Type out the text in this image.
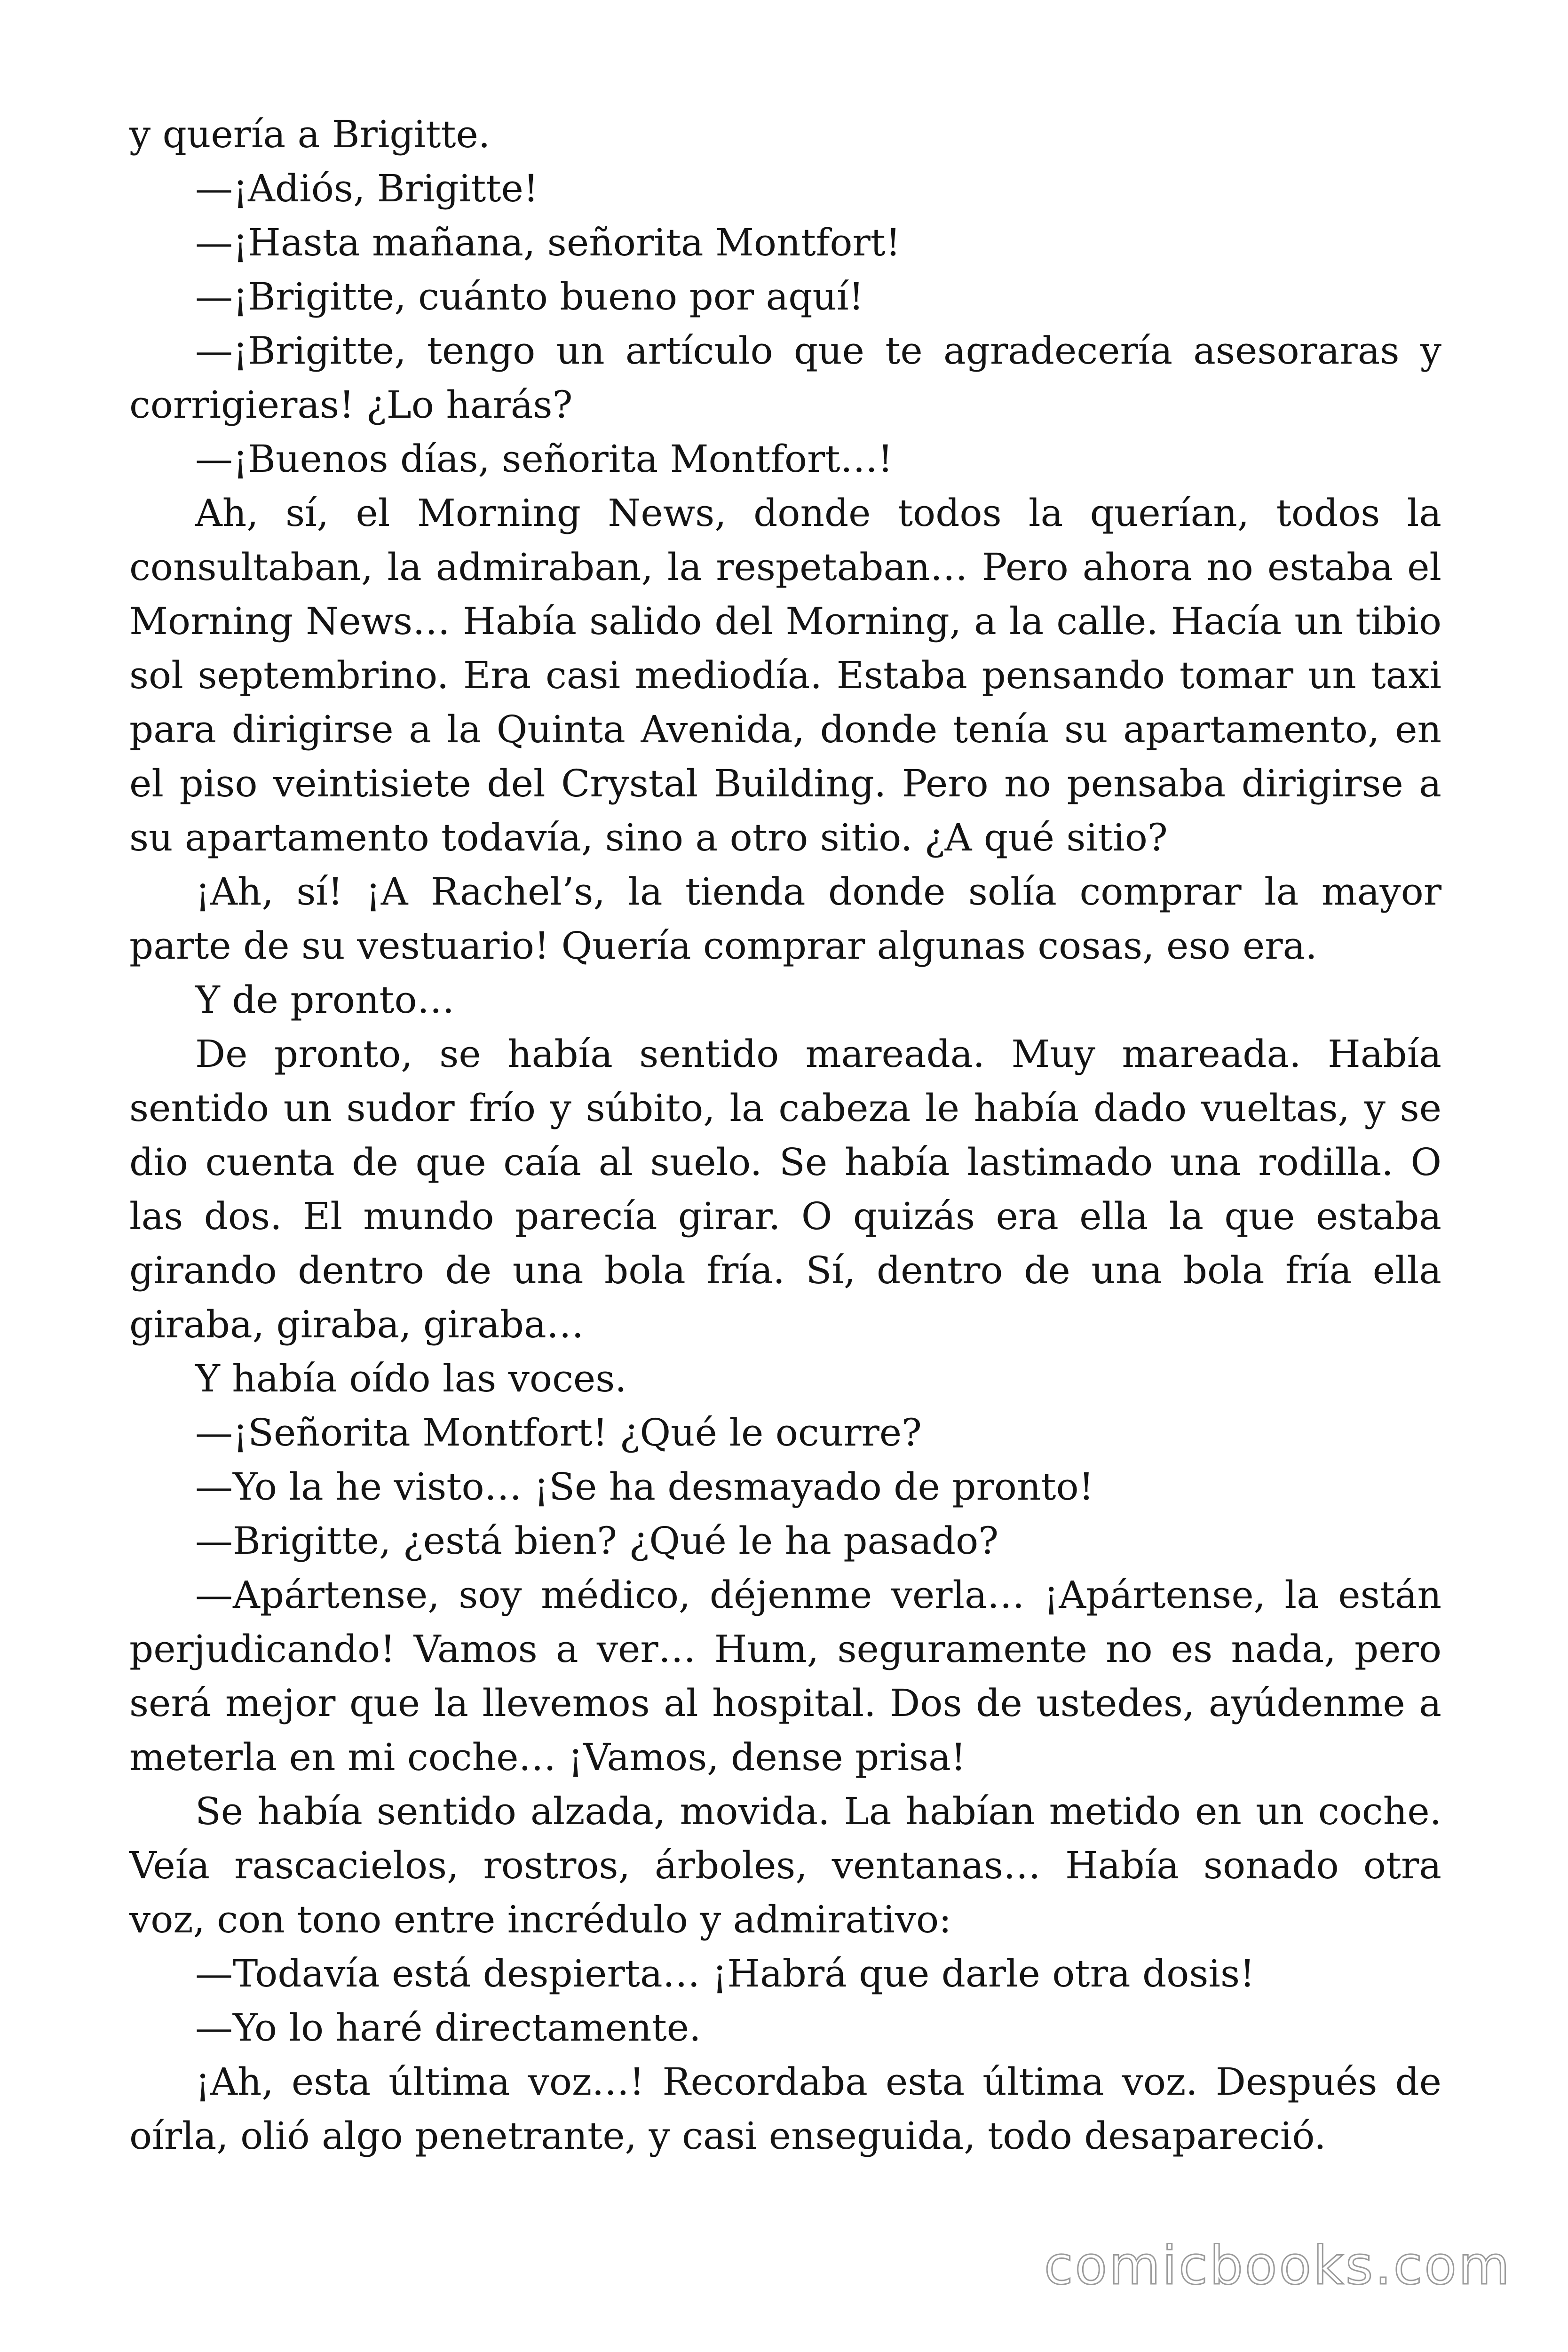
y quería a Brigitte.

—¡Adiós, Brigitte!

—¡Hasta mañana, señorita Montfort!

—¡Brigitte, cuánto bueno por aquí!

—¡Brigitte, tengo un artículo que te agradecería asesoraras y corrigieras! ¿Lo harás?

—¡Buenos días, señorita Montfort…!

Ah, sí, el Morning News, donde todos la querían, todos la consultaban, la admiraban, la respetaban… Pero ahora no estaba el Morning News… Había salido del Morning, a la calle. Hacía un tibio sol septembrino. Era casi mediodía. Estaba pensando tomar un taxi para dirigirse a la Quinta Avenida, donde tenía su apartamento, en el piso veintisiete del Crystal Building. Pero no pensaba dirigirse a su apartamento todavía, sino a otro sitio. ¿A qué sitio?

¡Ah, sí! ¡A Rachel’s, la tienda donde solía comprar la mayor parte de su vestuario! Quería comprar algunas cosas, eso era.

Y de pronto…

De pronto, se había sentido mareada. Muy mareada. Había sentido un sudor frío y súbito, la cabeza le había dado vueltas, y se dio cuenta de que caía al suelo. Se había lastimado una rodilla. O las dos. El mundo parecía girar. O quizás era ella la que estaba girando dentro de una bola fría. Sí, dentro de una bola fría ella giraba, giraba, giraba…

Y había oído las voces.

—¡Señorita Montfort! ¿Qué le ocurre?

—Yo la he visto… ¡Se ha desmayado de pronto!

—Brigitte, ¿está bien? ¿Qué le ha pasado?

—Apártense, soy médico, déjenme verla… ¡Apártense, la están perjudicando! Vamos a ver… Hum, seguramente no es nada, pero será mejor que la llevemos al hospital. Dos de ustedes, ayúdenme a meterla en mi coche… ¡Vamos, dense prisa!

Se había sentido alzada, movida. La habían metido en un coche. Veía rascacielos, rostros, árboles, ventanas… Había sonado otra voz, con tono entre incrédulo y admirativo:

—Todavía está despierta… ¡Habrá que darle otra dosis!

—Yo lo haré directamente.

¡Ah, esta última voz…! Recordaba esta última voz. Después de oírla, olió algo penetrante, y casi enseguida, todo desapareció.

comicbooks.com
